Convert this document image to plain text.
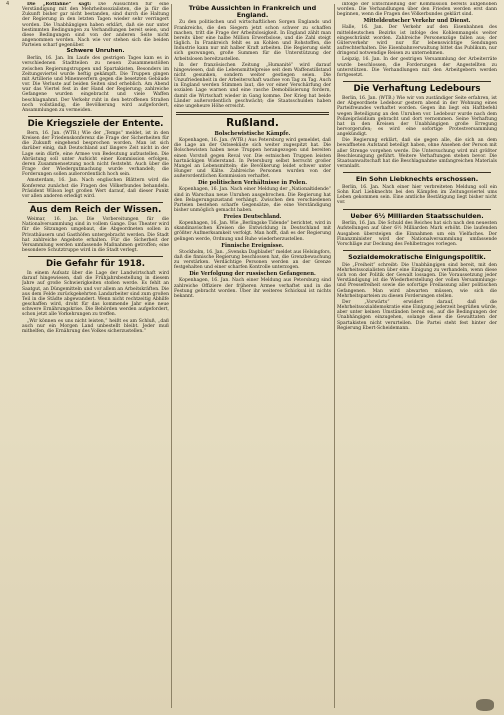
4	Die „Rotfahne“ sagt: Die Aussichten für eine Verständigung mit den Mehrheitssozialisten, die ja für die Zukunft bisher gar nicht bestanden, sind durch die Haltung der Regierung in den letzten Tagen wieder sehr verringert worden. Die Unabhängigen haben erklärt, daß sie nur unter bestimmten Bedingungen zu Verhandlungen bereit seien, und diese Bedingungen sind von der anderen Seite nicht angenommen worden. Nach wie vor stehen sich die beiden Parteien scharf gegenüber.

Schwere Unruhen.

Berlin, 16. Jan. Im Laufe des gestrigen Tages kam es in verschiedenen Stadtteilen zu neuen Zusammenstößen zwischen Regierungstruppen und Spartakisten. Besonders im Zeitungsviertel wurde heftig gekämpft. Die Truppen gingen mit Artillerie und Minenwerfern gegen die besetzten Gebäude vor. Die Verluste auf beiden Seiten sind erheblich. Am Abend war das Viertel fest in der Hand der Regierung; zahlreiche Gefangene wurden eingebracht und viele Waffen beschlagnahmt. Der Verkehr ruht in den betroffenen Straßen noch vollständig, die Bevölkerung wird aufgefordert, Ansammlungen zu vermeiden.

Die Kriegsziele der Entente.

Bern, 16. Jan. (WTB.) Wie der „Temps“ meldet, ist in den Kreisen der Friedenskonferenz die Frage der Sicherheiten für die Zukunft eingehend besprochen worden. Man ist sich darüber einig, daß Deutschland auf längere Zeit nicht in der Lage sein dürfe, eine Armee von Bedeutung aufzustellen. Die Abrüstung soll unter Aufsicht einer Kommission erfolgen, deren Zusammensetzung noch nicht feststeht. Auch über die Frage der Wiedergutmachung wurde verhandelt; die Forderungen sollen außerordentlich hoch sein.

Amsterdam, 16. Jan. Nach englischen Blättern wird die Konferenz zunächst die Fragen des Völkerbundes behandeln. Präsident Wilson legt großen Wert darauf, daß dieser Punkt vor allen anderen erledigt wird.

Aus dem Reich der Wissen.

Weimar, 16. Jan. Die Vorbereitungen für die Nationalversammlung sind in vollem Gange. Das Theater wird für die Sitzungen umgebaut, die Abgeordneten sollen in Privathäusern und Gasthöfen untergebracht werden. Die Stadt hat zahlreiche Angebote erhalten. Für die Sicherheit der Versammlung werden umfassende Maßnahmen getroffen; eine besondere Schutztruppe wird in die Stadt verlegt.

Die Gefahr für 1918.

In einem Aufsatz über die Lage der Landwirtschaft wird darauf hingewiesen, daß die Frühjahrsbestellung in diesem Jahre auf große Schwierigkeiten stoßen werde. Es fehlt an Saatgut, an Düngemitteln und vor allem an Arbeitskräften. Die aus dem Felde zurückgekehrten Landarbeiter sind zum großen Teil in die Städte abgewandert. Wenn nicht rechtzeitig Abhilfe geschaffen wird, droht für das kommende Jahr eine neue schwere Ernährungskrise. Die Behörden werden aufgefordert, schon jetzt alle Vorkehrungen zu treffen.

„Wir können es uns nicht leisten,“ heißt es am Schluß, „daß auch nur ein Morgen Land unbestellt bleibt. Jeder muß mithelfen, die Ernährung des Volkes sicherzustellen.“

Trübe Aussichten in Frankreich und England.

Zu den politischen und wirtschaftlichen Sorgen Englands und Frankreichs, die den Siegern jetzt schon schwer zu schaffen machen, tritt die Frage der Arbeitslosigkeit. In England zählt man bereits über eine halbe Million Erwerbslose, und die Zahl steigt täglich. In Frankreich fehlt es an Kohlen und Rohstoffen, die Industrie kann nur mit halber Kraft arbeiten. Die Regierung sieht sich gezwungen, große Summen für die Unterstützung der Arbeitslosen bereitzustellen.

In der französischen Zeitung „Humanité“ wird darauf hingewiesen, daß die Lebensmittelpreise seit dem Waffenstillstand nicht gesunken, sondern weiter gestiegen seien. Die Unzufriedenheit in der Arbeiterschaft wachse von Tag zu Tag. Auch in England werden Stimmen laut, die vor einer Verschärfung der sozialen Lage warnen und eine rasche Demobilisierung fordern, damit die Wirtschaft wieder in Gang komme. Der Krieg hat beide Länder außerordentlich geschwächt; die Staatsschulden haben eine ungeheure Höhe erreicht.

Rußland.
Bolschewistische Kämpfe.

Kopenhagen, 16. Jan. (WTB.) Aus Petersburg wird gemeldet, daß die Lage an der Ostseeküste sich weiter zugespitzt hat. Die Bolschewisten haben neue Truppen herangezogen und bereiten einen Vorstoß gegen Reval vor. Die estnischen Truppen leisten hartnäckigen Widerstand. In Petersburg selbst herrscht großer Mangel an Lebensmitteln; die Bevölkerung leidet schwer unter Hunger und Kälte. Zahlreiche Personen wurden von der außerordentlichen Kommission verhaftet.

Die politischen Verhältnisse in Polen.

Kopenhagen, 16. Jan. Nach einer Meldung der „Nationaltidende“ sind in Warschau neue Unruhen ausgebrochen. Die Regierung hat den Belagerungszustand verhängt. Zwischen den verschiedenen Parteien bestehen scharfe Gegensätze, die eine Verständigung bisher unmöglich gemacht haben.

Freies Deutschland.

Kopenhagen, 16. Jan. Wie „Berlingske Tidende“ berichtet, wird in skandinavischen Kreisen die Entwicklung in Deutschland mit größter Aufmerksamkeit verfolgt. Man hofft, daß es der Regierung gelingen werde, Ordnung und Ruhe wiederherzustellen.

Finnische Ereignisse.

Stockholm, 16. Jan. „Svenska Dagbladet“ meldet aus Helsingfors, daß die finnische Regierung beschlossen hat, die Grenzbewachung zu verstärken. Verdächtige Personen werden an der Grenze festgehalten und einer scharfen Kontrolle unterzogen.

Die Verfolgung der russischen Gefangenen.

Kopenhagen, 16. Jan. Nach einer Meldung aus Petersburg sind zahlreiche Offiziere der früheren Armee verhaftet und in die Festung gebracht worden. Über ihr weiteres Schicksal ist nichts bekannt.

infolge der Entschließung der Kommission bereits aufgehoben worden. Die Verhandlungen über den Frieden werden erst dann beginnen, wenn die Fragen des Völkerbundes geklärt sind.

Mitteldeutscher Verkehr und Dienst.

Halle, 16. Jan. Der Verkehr auf den Eisenbahnen des mitteldeutschen Bezirks ist infolge des Kohlenmangels weiter eingeschränkt worden. Zahlreiche Personenzüge fallen aus; der Güterverkehr wird nur für lebenswichtige Sendungen aufrechterhalten. Die Eisenbahnverwaltung bittet das Publikum, nur dringend notwendige Reisen zu unternehmen.

Leipzig, 16. Jan. In der gestrigen Versammlung der Arbeiterräte wurde beschlossen, die Forderungen der Angestellten zu unterstützen. Die Verhandlungen mit den Arbeitgebern werden fortgesetzt.

Die Verhaftung Ledebours

Berlin, 16. Jan. (WTB.) Wie wir von zuständiger Seite erfahren, ist der Abgeordnete Ledebour gestern abend in der Wohnung eines Parteifreundes verhaftet worden. Gegen ihn liegt ein Haftbefehl wegen Beteiligung an den Unruhen vor. Ledebour wurde nach dem Polizeipräsidium gebracht und dort vernommen. Seine Verhaftung hat in den Kreisen der Unabhängigen große Erregung hervorgerufen; es wird eine sofortige Protestversammlung angekündigt.

Die Regierung erklärt, daß sie gegen alle, die sich an dem bewaffneten Aufstand beteiligt haben, ohne Ansehen der Person mit aller Strenge vorgehen werde. Die Untersuchung wird mit größter Beschleunigung geführt. Weitere Verhaftungen stehen bevor. Die Staatsanwaltschaft hat die Beschlagnahme umfangreichen Materials veranlaßt.

Ein Sohn Liebknechts erschossen.

Berlin, 16. Jan. Nach einer hier verbreiteten Meldung soll ein Sohn Karl Liebknechts bei den Kämpfen im Zeitungsviertel ums Leben gekommen sein. Eine amtliche Bestätigung liegt bisher nicht vor.

Ueber 6½ Milliarden Staatsschulden.

Berlin, 16. Jan. Die Schuld des Reiches hat sich nach den neuesten Aufstellungen auf über 6½ Milliarden Mark erhöht. Die laufenden Ausgaben übersteigen die Einnahmen um ein Vielfaches. Der Finanzminister wird der Nationalversammlung umfassende Vorschläge zur Deckung des Fehlbetrages vorlegen.

Sozialdemokratische Einigungspolitik.

Die „Freiheit“ schreibt: Die Unabhängigen sind bereit, mit den Mehrheitssozialisten über eine Einigung zu verhandeln, wenn diese sich von der Politik der Gewalt lossagen. Die Voraussetzung jeder Verständigung ist die Wiederherstellung der vollen Versammlungs- und Pressefreiheit sowie die sofortige Freilassung aller politischen Gefangenen. Man wird abwarten müssen, wie sich die Mehrheitsparteien zu diesen Forderungen stellen.

Der „Vorwärts“ erwidert darauf, daß die Mehrheitssozialdemokratie eine Einigung jederzeit begrüßen würde, aber unter keinen Umständen bereit sei, auf die Bedingungen der Unabhängigen einzugehen, solange diese die Gewalttaten der Spartakisten nicht verurteilen. Die Partei steht fest hinter der Regierung Ebert-Scheidemann.
